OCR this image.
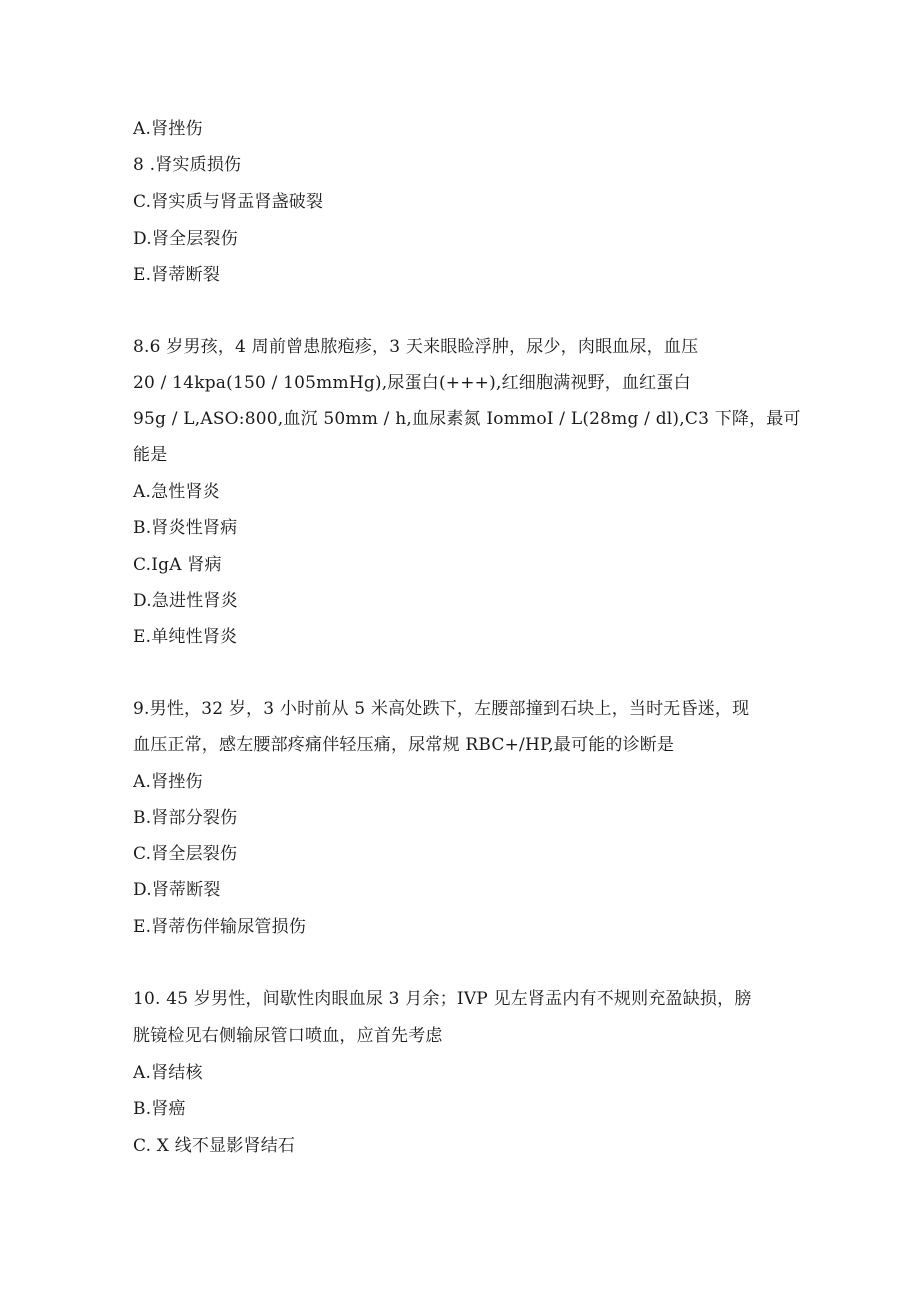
A.肾挫伤
8 .肾实质损伤
C.肾实质与肾盂肾盏破裂
D.肾全层裂伤
E.肾蒂断裂
8.6 岁男孩，4 周前曾患脓疱疹，3 天来眼睑浮肿，尿少，肉眼血尿，血压
20 / 14kpa(150 / 105mmHg),尿蛋白(+++),红细胞满视野，血红蛋白
95g / L,ASO:800,血沉 50mm / h,血尿素氮 IommoI / L(28mg / dl),C3 下降，最可
能是
A.急性肾炎
B.肾炎性肾病
C.IgA 肾病
D.急进性肾炎
E.单纯性肾炎
9.男性，32 岁，3 小时前从 5 米高处跌下，左腰部撞到石块上，当时无昏迷，现
血压正常，感左腰部疼痛伴轻压痛，尿常规 RBC+/HP,最可能的诊断是
A.肾挫伤
B.肾部分裂伤
C.肾全层裂伤
D.肾蒂断裂
E.肾蒂伤伴输尿管损伤
10. 45 岁男性，间歇性肉眼血尿 3 月余；IVP 见左肾盂内有不规则充盈缺损，膀
胱镜检见右侧输尿管口喷血，应首先考虑
A.肾结核
B.肾癌
C. X 线不显影肾结石
